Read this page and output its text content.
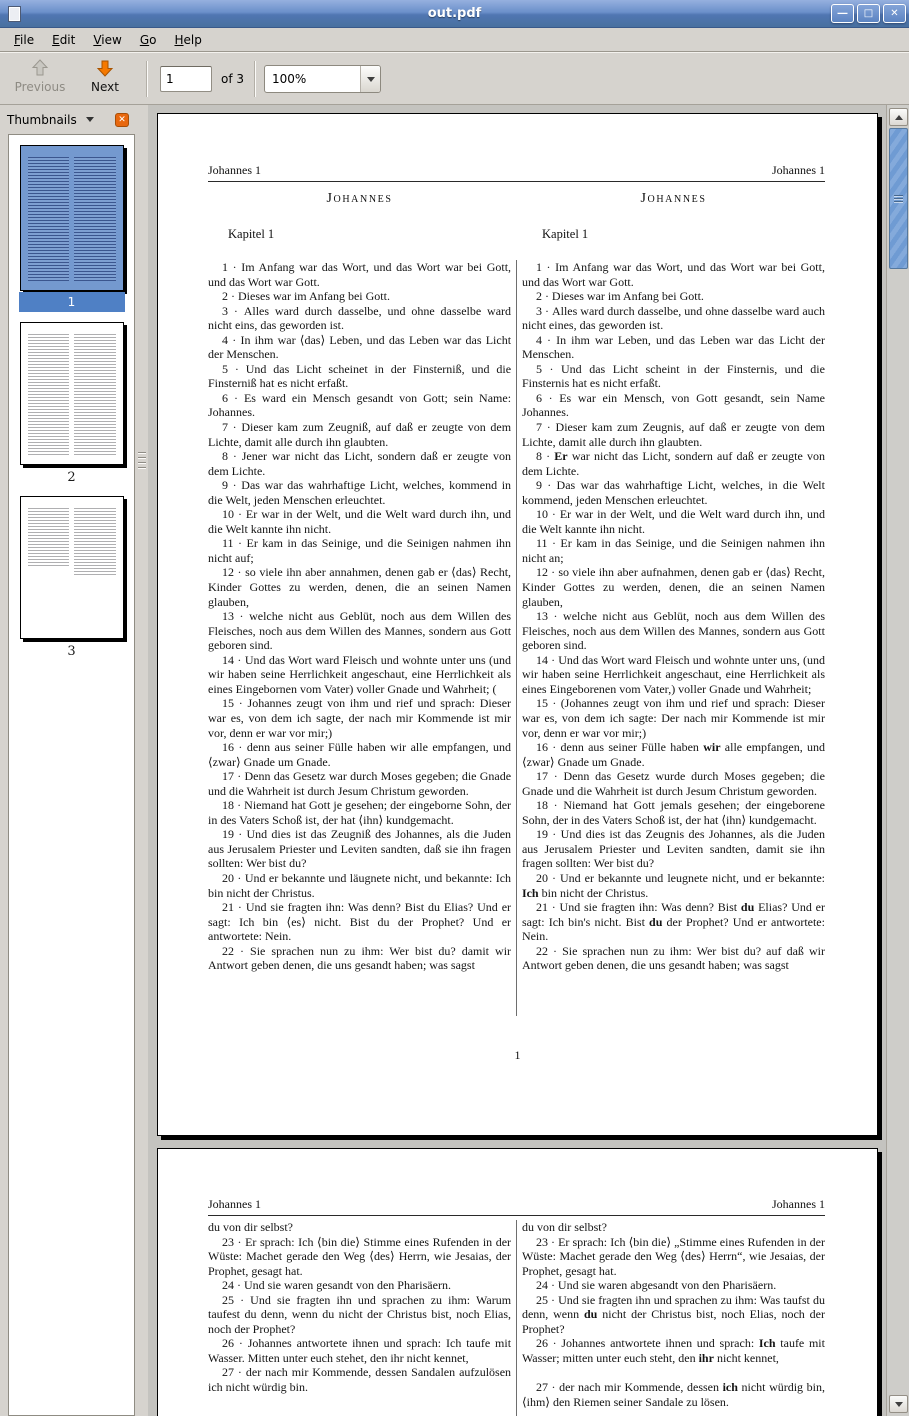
out.pdf	―	□	✕
File	Edit	View	Go	Help
Previous Next
1
of 3	100%
Thumbnails	✕
1
2
3
Johannes 1	Johannes 1
Johannes	Johannes
Kapitel 1	Kapitel 1

1 · Im Anfang war das Wort, und das Wort war bei Gott, und das Wort war Gott.

2 · Dieses war im Anfang bei Gott.

3 · Alles ward durch dasselbe, und ohne dasselbe ward nicht eins, das geworden ist.

4 · In ihm war ⟨das⟩ Leben, und das Leben war das Licht der Menschen.

5 · Und das Licht scheinet in der Finsterniß, und die Finsterniß hat es nicht erfaßt.

6 · Es ward ein Mensch gesandt von Gott; sein Name: Johannes.

7 · Dieser kam zum Zeugniß, auf daß er zeugte von dem Lichte, damit alle durch ihn glaubten.

8 · Jener war nicht das Licht, sondern daß er zeugte von dem Lichte.

9 · Das war das wahrhaftige Licht, welches, kommend in die Welt, jeden Menschen erleuchtet.

10 · Er war in der Welt, und die Welt ward durch ihn, und die Welt kannte ihn nicht.

11 · Er kam in das Seinige, und die Seinigen nahmen ihn nicht auf;

12 · so viele ihn aber annahmen, denen gab er ⟨das⟩ Recht, Kinder Gottes zu werden, denen, die an seinen Namen glauben,

13 · welche nicht aus Geblüt, noch aus dem Willen des Fleisches, noch aus dem Willen des Mannes, sondern aus Gott geboren sind.

14 · Und das Wort ward Fleisch und wohnte unter uns (und wir haben seine Herrlichkeit angeschaut, eine Herrlichkeit als eines Eingebornen vom Vater) voller Gnade und Wahrheit; (

15 · Johannes zeugt von ihm und rief und sprach: Dieser war es, von dem ich sagte, der nach mir Kommende ist mir vor, denn er war vor mir;)

16 · denn aus seiner Fülle haben wir alle empfangen, und ⟨zwar⟩ Gnade um Gnade.

17 · Denn das Gesetz war durch Moses gegeben; die Gnade und die Wahrheit ist durch Jesum Christum geworden.

18 · Niemand hat Gott je gesehen; der eingeborne Sohn, der in des Vaters Schoß ist, der hat ⟨ihn⟩ kundgemacht.

19 · Und dies ist das Zeugniß des Johannes, als die Juden aus Jerusalem Priester und Leviten sandten, daß sie ihn fragen sollten: Wer bist du?

20 · Und er bekannte und läugnete nicht, und bekannte: Ich bin nicht der Christus.

21 · Und sie fragten ihn: Was denn? Bist du Elias? Und er sagt: Ich bin ⟨es⟩ nicht. Bist du der Prophet? Und er antwortete: Nein.

22 · Sie sprachen nun zu ihm: Wer bist du? damit wir Antwort geben denen, die uns gesandt haben; was sagst

1 · Im Anfang war das Wort, und das Wort war bei Gott, und das Wort war Gott.

2 · Dieses war im Anfang bei Gott.

3 · Alles ward durch dasselbe, und ohne dasselbe ward auch nicht eines, das geworden ist.

4 · In ihm war Leben, und das Leben war das Licht der Menschen.

5 · Und das Licht scheint in der Finsternis, und die Finsternis hat es nicht erfaßt.

6 · Es war ein Mensch, von Gott gesandt, sein Name Johannes.

7 · Dieser kam zum Zeugnis, auf daß er zeugte von dem Lichte, damit alle durch ihn glaubten.

8 · Er war nicht das Licht, sondern auf daß er zeugte von dem Lichte.

9 · Das war das wahrhaftige Licht, welches, in die Welt kommend, jeden Menschen erleuchtet.

10 · Er war in der Welt, und die Welt ward durch ihn, und die Welt kannte ihn nicht.

11 · Er kam in das Seinige, und die Seinigen nahmen ihn nicht an;

12 · so viele ihn aber aufnahmen, denen gab er ⟨das⟩ Recht, Kinder Gottes zu werden, denen, die an seinen Namen glauben,

13 · welche nicht aus Geblüt, noch aus dem Willen des Fleisches, noch aus dem Willen des Mannes, sondern aus Gott geboren sind.

14 · Und das Wort ward Fleisch und wohnte unter uns, (und wir haben seine Herrlichkeit angeschaut, eine Herrlichkeit als eines Eingeborenen vom Vater,) voller Gnade und Wahrheit;

15 · (Johannes zeugt von ihm und rief und sprach: Dieser war es, von dem ich sagte: Der nach mir Kommende ist mir vor, denn er war vor mir;)

16 · denn aus seiner Fülle haben wir alle empfangen, und ⟨zwar⟩ Gnade um Gnade.

17 · Denn das Gesetz wurde durch Moses gegeben; die Gnade und die Wahrheit ist durch Jesum Christum geworden.

18 · Niemand hat Gott jemals gesehen; der eingeborene Sohn, der in des Vaters Schoß ist, der hat ⟨ihn⟩ kundgemacht.

19 · Und dies ist das Zeugnis des Johannes, als die Juden aus Jerusalem Priester und Leviten sandten, damit sie ihn fragen sollten: Wer bist du?

20 · Und er bekannte und leugnete nicht, und er bekannte: Ich bin nicht der Christus.

21 · Und sie fragten ihn: Was denn? Bist du Elias? Und er sagt: Ich bin's nicht. Bist du der Prophet? Und er antwortete: Nein.

22 · Sie sprachen nun zu ihm: Wer bist du? auf daß wir Antwort geben denen, die uns gesandt haben; was sagst

1
Johannes 1	Johannes 1

du von dir selbst?

23 · Er sprach: Ich ⟨bin die⟩ Stimme eines Rufenden in der Wüste: Machet gerade den Weg ⟨des⟩ Herrn, wie Jesaias, der Prophet, gesagt hat.

24 · Und sie waren gesandt von den Pharisäern.

25 · Und sie fragten ihn und sprachen zu ihm: Warum taufest du denn, wenn du nicht der Christus bist, noch Elias, noch der Prophet?

26 · Johannes antwortete ihnen und sprach: Ich taufe mit Wasser. Mitten unter euch stehet, den ihr nicht kennet,

27 · der nach mir Kommende, dessen Sandalen aufzulösen ich nicht würdig bin.

du von dir selbst?

23 · Er sprach: Ich ⟨bin die⟩ „Stimme eines Rufenden in der Wüste: Machet gerade den Weg ⟨des⟩ Herrn“, wie Jesaias, der Prophet, gesagt hat.

24 · Und sie waren abgesandt von den Pharisäern.

25 · Und sie fragten ihn und sprachen zu ihm: Was taufst du denn, wenn du nicht der Christus bist, noch Elias, noch der Prophet?

26 · Johannes antwortete ihnen und sprach: Ich taufe mit Wasser; mitten unter euch steht, den ihr nicht kennet,

27 · der nach mir Kommende, dessen ich nicht würdig bin, ⟨ihm⟩ den Riemen seiner Sandale zu lösen.
